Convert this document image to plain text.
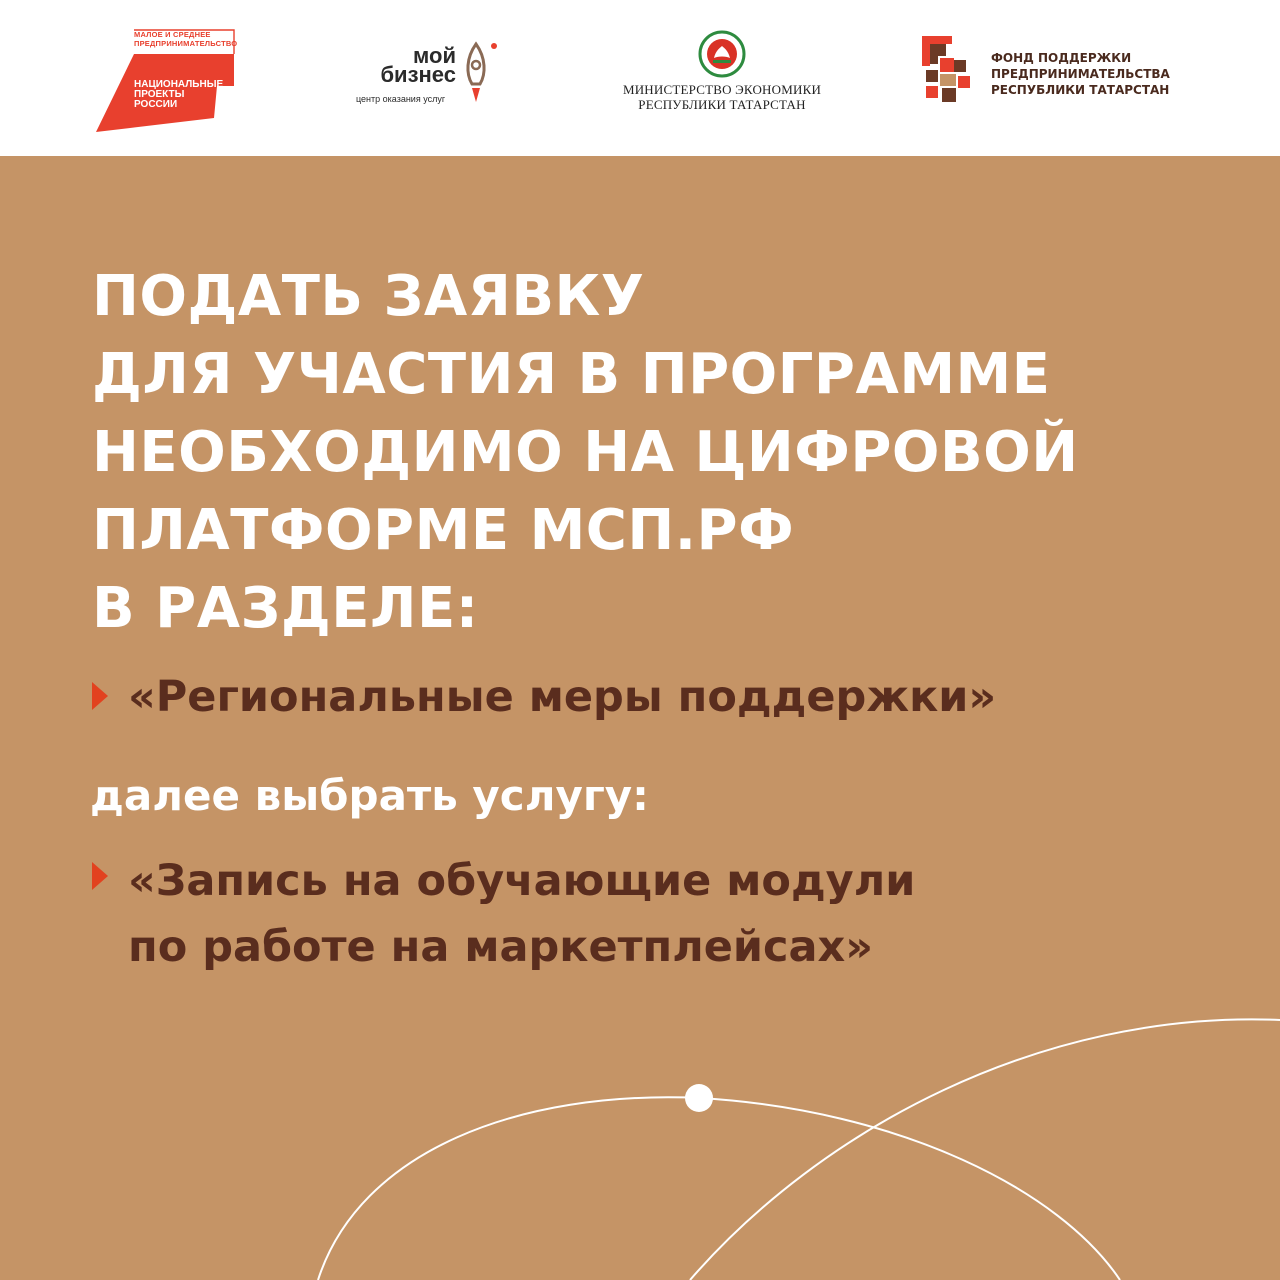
МАЛОЕ И СРЕДНЕЕ
ПРЕДПРИНИМАТЕЛЬСТВО
НАЦИОНАЛЬНЫЕ
ПРОЕКТЫ
РОССИИ
мой
бизнес
центр оказания услуг
МИНИСТЕРСТВО ЭКОНОМИКИ
РЕСПУБЛИКИ ТАТАРСТАН
ФОНД ПОДДЕРЖКИ
ПРЕДПРИНИМАТЕЛЬСТВА
РЕСПУБЛИКИ ТАТАРСТАН
ПОДАТЬ ЗАЯВКУ
ДЛЯ УЧАСТИЯ В ПРОГРАММЕ
НЕОБХОДИМО НА ЦИФРОВОЙ
ПЛАТФОРМЕ МСП.РФ
В РАЗДЕЛЕ:
«Региональные меры поддержки»
далее выбрать услугу:
«Запись на обучающие модули
по работе на маркетплейсах»
